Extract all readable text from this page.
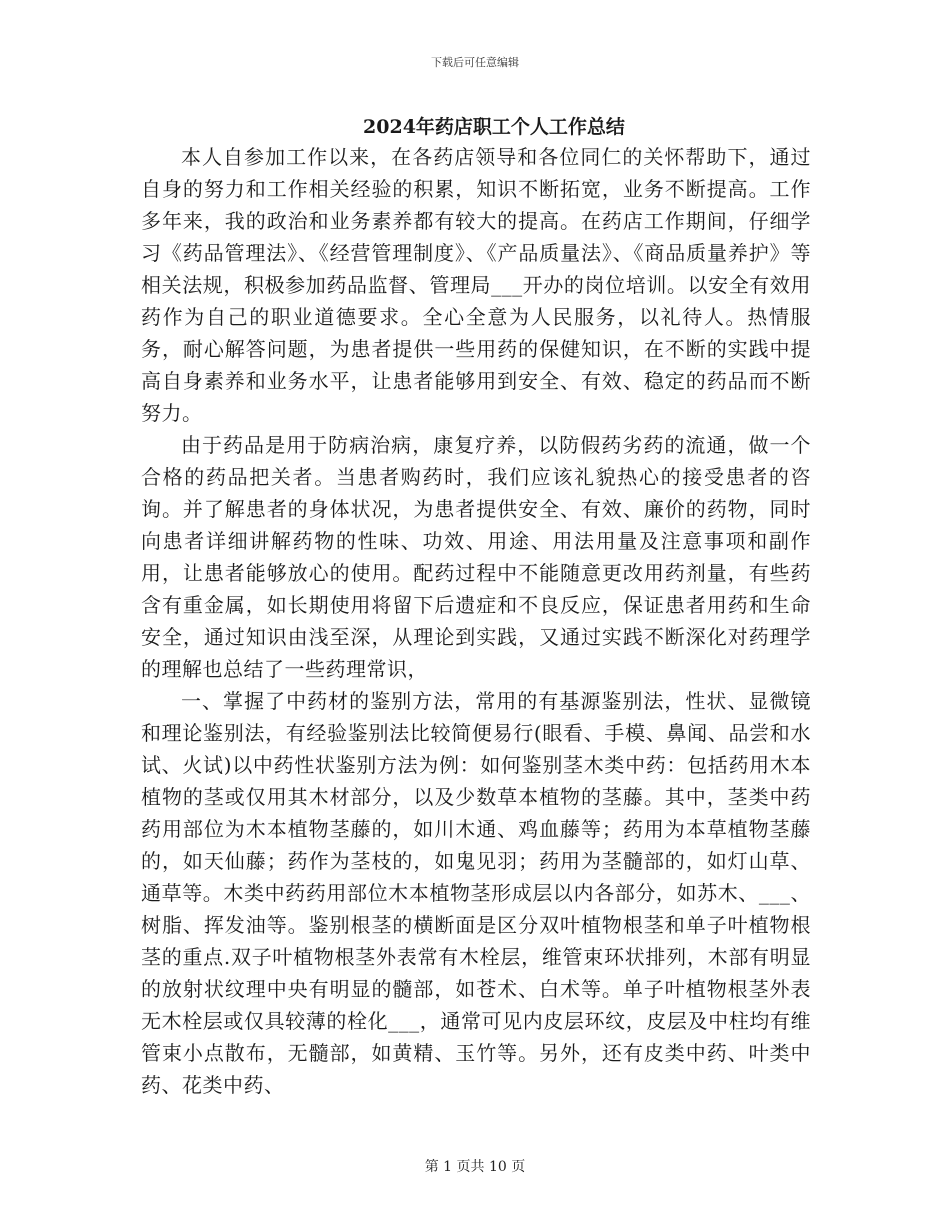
下载后可任意编辑
2024年药店职工个人工作总结

本人自参加工作以来，在各药店领导和各位同仁的关怀帮助下，通过自身的努力和工作相关经验的积累，知识不断拓宽，业务不断提高。工作多年来，我的政治和业务素养都有较大的提高。在药店工作期间，仔细学习《药品管理法》、《经营管理制度》、《产品质量法》、《商品质量养护》等相关法规，积极参加药品监督、管理局___开办的岗位培训。以安全有效用药作为自己的职业道德要求。全心全意为人民服务，以礼待人。热情服务，耐心解答问题，为患者提供一些用药的保健知识，在不断的实践中提高自身素养和业务水平，让患者能够用到安全、有效、稳定的药品而不断努力。

由于药品是用于防病治病，康复疗养，以防假药劣药的流通，做一个合格的药品把关者。当患者购药时，我们应该礼貌热心的接受患者的咨询。并了解患者的身体状况，为患者提供安全、有效、廉价的药物，同时向患者详细讲解药物的性味、功效、用途、用法用量及注意事项和副作用，让患者能够放心的使用。配药过程中不能随意更改用药剂量，有些药含有重金属，如长期使用将留下后遗症和不良反应，保证患者用药和生命安全，通过知识由浅至深，从理论到实践，又通过实践不断深化对药理学的理解也总结了一些药理常识，

一、掌握了中药材的鉴别方法，常用的有基源鉴别法，性状、显微镜和理论鉴别法，有经验鉴别法比较简便易行(眼看、手模、鼻闻、品尝和水试、火试)以中药性状鉴别方法为例：如何鉴别茎木类中药：包括药用木本植物的茎或仅用其木材部分，以及少数草本植物的茎藤。其中，茎类中药药用部位为木本植物茎藤的，如川木通、鸡血藤等；药用为本草植物茎藤的，如天仙藤；药作为茎枝的，如鬼见羽；药用为茎髓部的，如灯山草、通草等。木类中药药用部位木本植物茎形成层以内各部分，如苏木、___、树脂、挥发油等。鉴别根茎的横断面是区分双叶植物根茎和单子叶植物根茎的重点.双子叶植物根茎外表常有木栓层，维管束环状排列，木部有明显的放射状纹理中央有明显的髓部，如苍术、白术等。单子叶植物根茎外表无木栓层或仅具较薄的栓化___，通常可见内皮层环纹，皮层及中柱均有维管束小点散布，无髓部，如黄精、玉竹等。另外，还有皮类中药、叶类中药、花类中药、

第 1 页共 10 页
